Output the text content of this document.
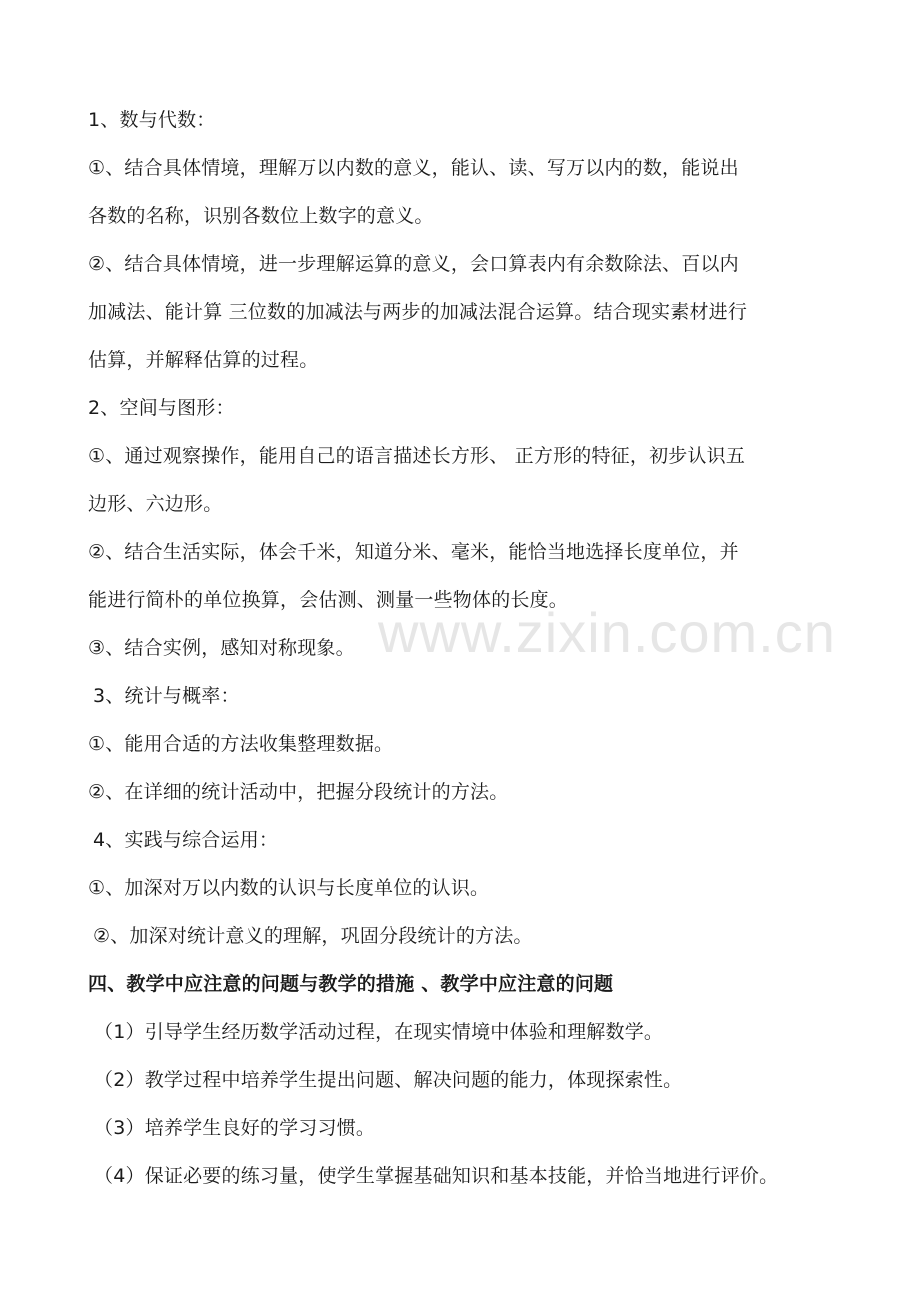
www.zixin.com.cn
1、数与代数：
①、结合具体情境，理解万以内数的意义，能认、读、写万以内的数，能说出
各数的名称，识别各数位上数字的意义。
②、结合具体情境，进一步理解运算的意义，会口算表内有余数除法、百以内
加减法、能计算 三位数的加减法与两步的加减法混合运算。结合现实素材进行
估算，并解释估算的过程。
2、空间与图形：
①、通过观察操作，能用自己的语言描述长方形、 正方形的特征，初步认识五
边形、六边形。
②、结合生活实际，体会千米，知道分米、毫米，能恰当地选择长度单位，并
能进行简朴的单位换算，会估测、测量一些物体的长度。
③、结合实例，感知对称现象。
3、统计与概率：
①、能用合适的方法收集整理数据。
②、在详细的统计活动中，把握分段统计的方法。
4、实践与综合运用：
①、加深对万以内数的认识与长度单位的认识。
②、加深对统计意义的理解，巩固分段统计的方法。
四、教学中应注意的问题与教学的措施 、教学中应注意的问题
（1）引导学生经历数学活动过程，在现实情境中体验和理解数学。
（2）教学过程中培养学生提出问题、解决问题的能力，体现探索性。
（3）培养学生良好的学习习惯。
（4）保证必要的练习量，使学生掌握基础知识和基本技能，并恰当地进行评价。
